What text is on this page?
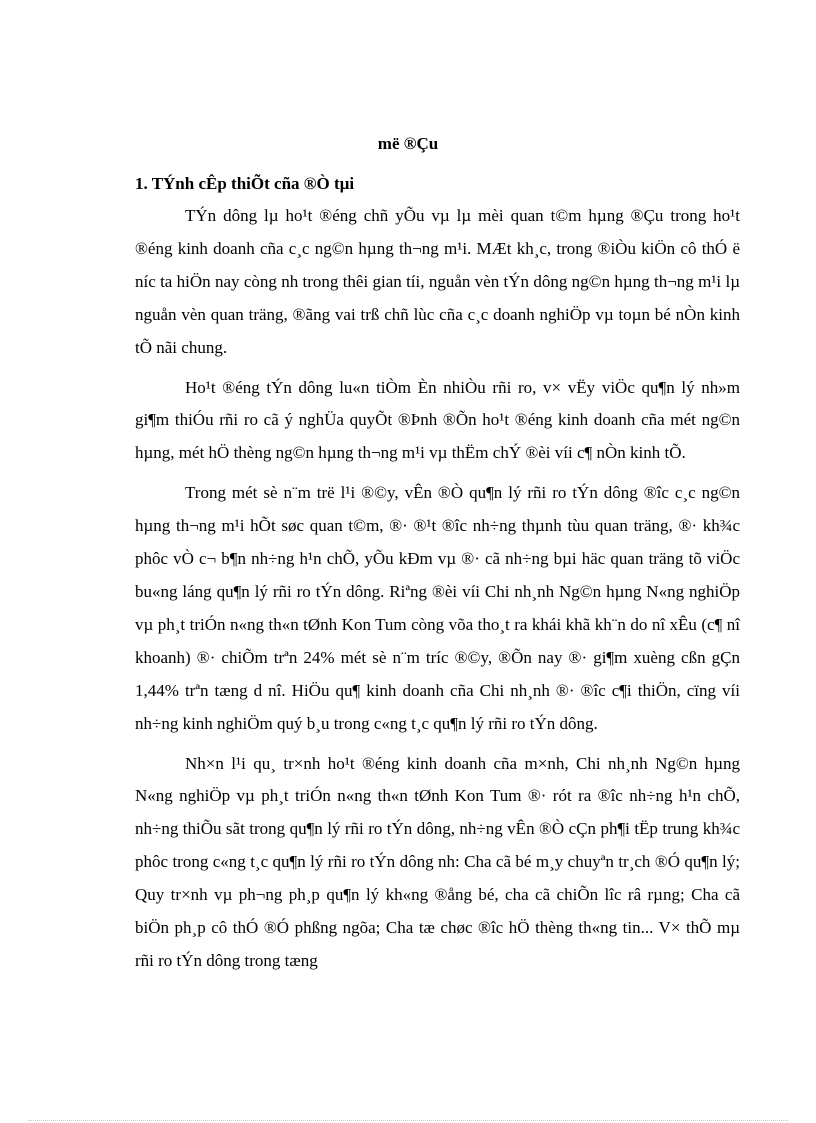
më ®Çu
1. TÝnh cÊp thiÕt cña ®Ò tµi

TÝn dông lµ ho¹t ®éng chñ yÕu vµ lµ mèi quan t©m hµng ®Çu trong ho¹t ®éng kinh doanh cña c¸c ng©n hµng th¬ng m¹i. MÆt kh¸c, trong ®iÒu kiÖn cô thÓ ë níc ta hiÖn nay còng nh trong thêi gian tíi, nguån vèn tÝn dông ng©n hµng th¬ng m¹i lµ nguån vèn quan träng, ®ãng vai trß chñ lùc cña c¸c doanh nghiÖp vµ toµn bé nÒn kinh tÕ nãi chung.

Ho¹t ®éng tÝn dông lu«n tiÒm Èn nhiÒu rñi ro, v× vËy viÖc qu¶n lý nh»m gi¶m thiÓu rñi ro cã ý nghÜa quyÕt ®Þnh ®Õn ho¹t ®éng kinh doanh cña mét ng©n hµng, mét hÖ thèng ng©n hµng th¬ng m¹i vµ thËm chÝ ®èi víi c¶ nÒn kinh tÕ.

Trong mét sè n¨m trë l¹i ®©y, vÊn ®Ò qu¶n lý rñi ro tÝn dông ®îc c¸c ng©n hµng th¬ng m¹i hÕt søc quan t©m, ®· ®¹t ®îc nh÷ng thµnh tùu quan träng, ®· kh¾c phôc vÒ c¬ b¶n nh÷ng h¹n chÕ, yÕu kÐm vµ ®· cã nh÷ng bµi häc quan träng tõ viÖc bu«ng láng qu¶n lý rñi ro tÝn dông. Riªng ®èi víi Chi nh¸nh Ng©n hµng N«ng nghiÖp vµ ph¸t triÓn n«ng th«n tØnh Kon Tum còng võa tho¸t ra khái khã kh¨n do nî xÊu (c¶ nî khoanh) ®· chiÕm trªn 24% mét sè n¨m tríc ®©y, ®Õn nay ®· gi¶m xuèng cßn gÇn 1,44% trªn tæng d nî. HiÖu qu¶ kinh doanh cña Chi nh¸nh ®· ®îc c¶i thiÖn, cïng víi nh÷ng kinh nghiÖm quý b¸u trong c«ng t¸c qu¶n lý rñi ro tÝn dông.

Nh×n l¹i qu¸ tr×nh ho¹t ®éng kinh doanh cña m×nh, Chi nh¸nh Ng©n hµng N«ng nghiÖp vµ ph¸t triÓn n«ng th«n tØnh Kon Tum ®· rót ra ®îc nh÷ng h¹n chÕ, nh÷ng thiÕu sãt trong qu¶n lý rñi ro tÝn dông, nh÷ng vÊn ®Ò cÇn ph¶i tËp trung kh¾c phôc trong c«ng t¸c qu¶n lý rñi ro tÝn dông nh: Cha cã bé m¸y chuyªn tr¸ch ®Ó qu¶n lý; Quy tr×nh vµ ph¬ng ph¸p qu¶n lý kh«ng ®ång bé, cha cã chiÕn lîc râ rµng; Cha cã biÖn ph¸p cô thÓ ®Ó phßng ngõa; Cha tæ chøc ®îc hÖ thèng th«ng tin... V× thÕ mµ rñi ro tÝn dông trong tæng
